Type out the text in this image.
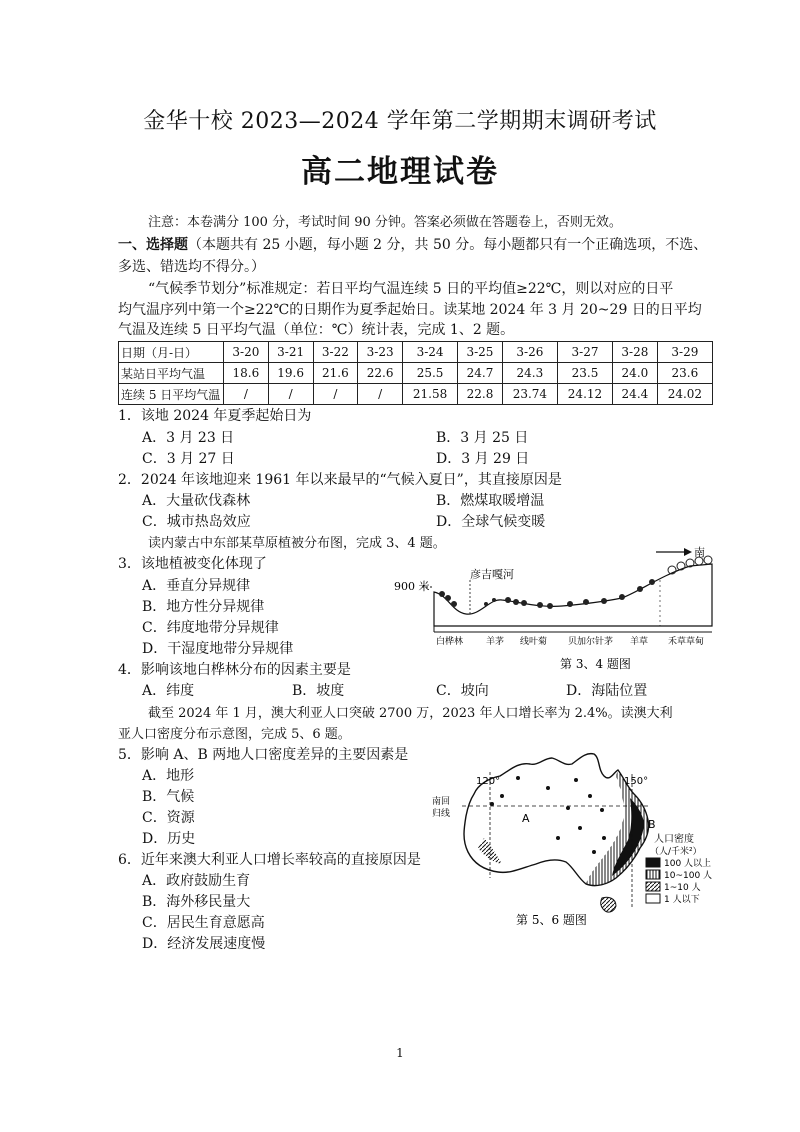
金华十校 2023—2024 学年第二学期期末调研考试
高二地理试卷
注意：本卷满分 100 分，考试时间 90 分钟。答案必须做在答题卷上，否则无效。
一、选择题（本题共有 25 小题，每小题 2 分，共 50 分。每小题都只有一个正确选项，不选、
多选、错选均不得分。）
“气候季节划分”标准规定：若日平均气温连续 5 日的平均值≥22℃，则以对应的日平
均气温序列中第一个≥22℃的日期作为夏季起始日。读某地 2024 年 3 月 20~29 日的日平均
气温及连续 5 日平均气温（单位：℃）统计表，完成 1、2 题。
日期（月-日）	3-20	3-21	3-22	3-23	3-24	3-25	3-26	3-27	3-28	3-29
某站日平均气温	18.6	19.6	21.6	22.6	25.5	24.7	24.3	23.5	24.0	23.6
连续 5 日平均气温	/	/	/	/	21.58	22.8	23.74	24.12	24.4	24.02
1．该地 2024 年夏季起始日为
A．3 月 23 日	B．3 月 25 日
C．3 月 27 日	D．3 月 29 日
2．2024 年该地迎来 1961 年以来最早的“气候入夏日”，其直接原因是
A．大量砍伐森林	B．燃煤取暖增温
C．城市热岛效应	D．全球气候变暖
读内蒙古中东部某草原植被分布图，完成 3、4 题。
3．该地植被变化体现了
A．垂直分异规律
B．地方性分异规律
C．纬度地带分异规律
D．干湿度地带分异规律
900 米
彦吉嘎河
南
白桦林	羊茅 线叶菊 贝加尔针茅 羊草 禾草草甸
第 3、4 题图
4．影响该地白桦林分布的因素主要是
A．纬度	B．坡度	C．坡向	D．海陆位置
截至 2024 年 1 月，澳大利亚人口突破 2700 万，2023 年人口增长率为 2.4%。读澳大利
亚人口密度分布示意图，完成 5、6 题。
5．影响 A、B 两地人口密度差异的主要因素是
A．地形
B．气候
C．资源
D．历史
6．近年来澳大利亚人口增长率较高的直接原因是
A．政府鼓励生育
B．海外移民量大
C．居民生育意愿高
D．经济发展速度慢
120°	150°
南回
归线	A	B
人口密度
（人/千米²）
100 人以上
10~100 人
1~10 人
1 人以下
第 5、6 题图
1
